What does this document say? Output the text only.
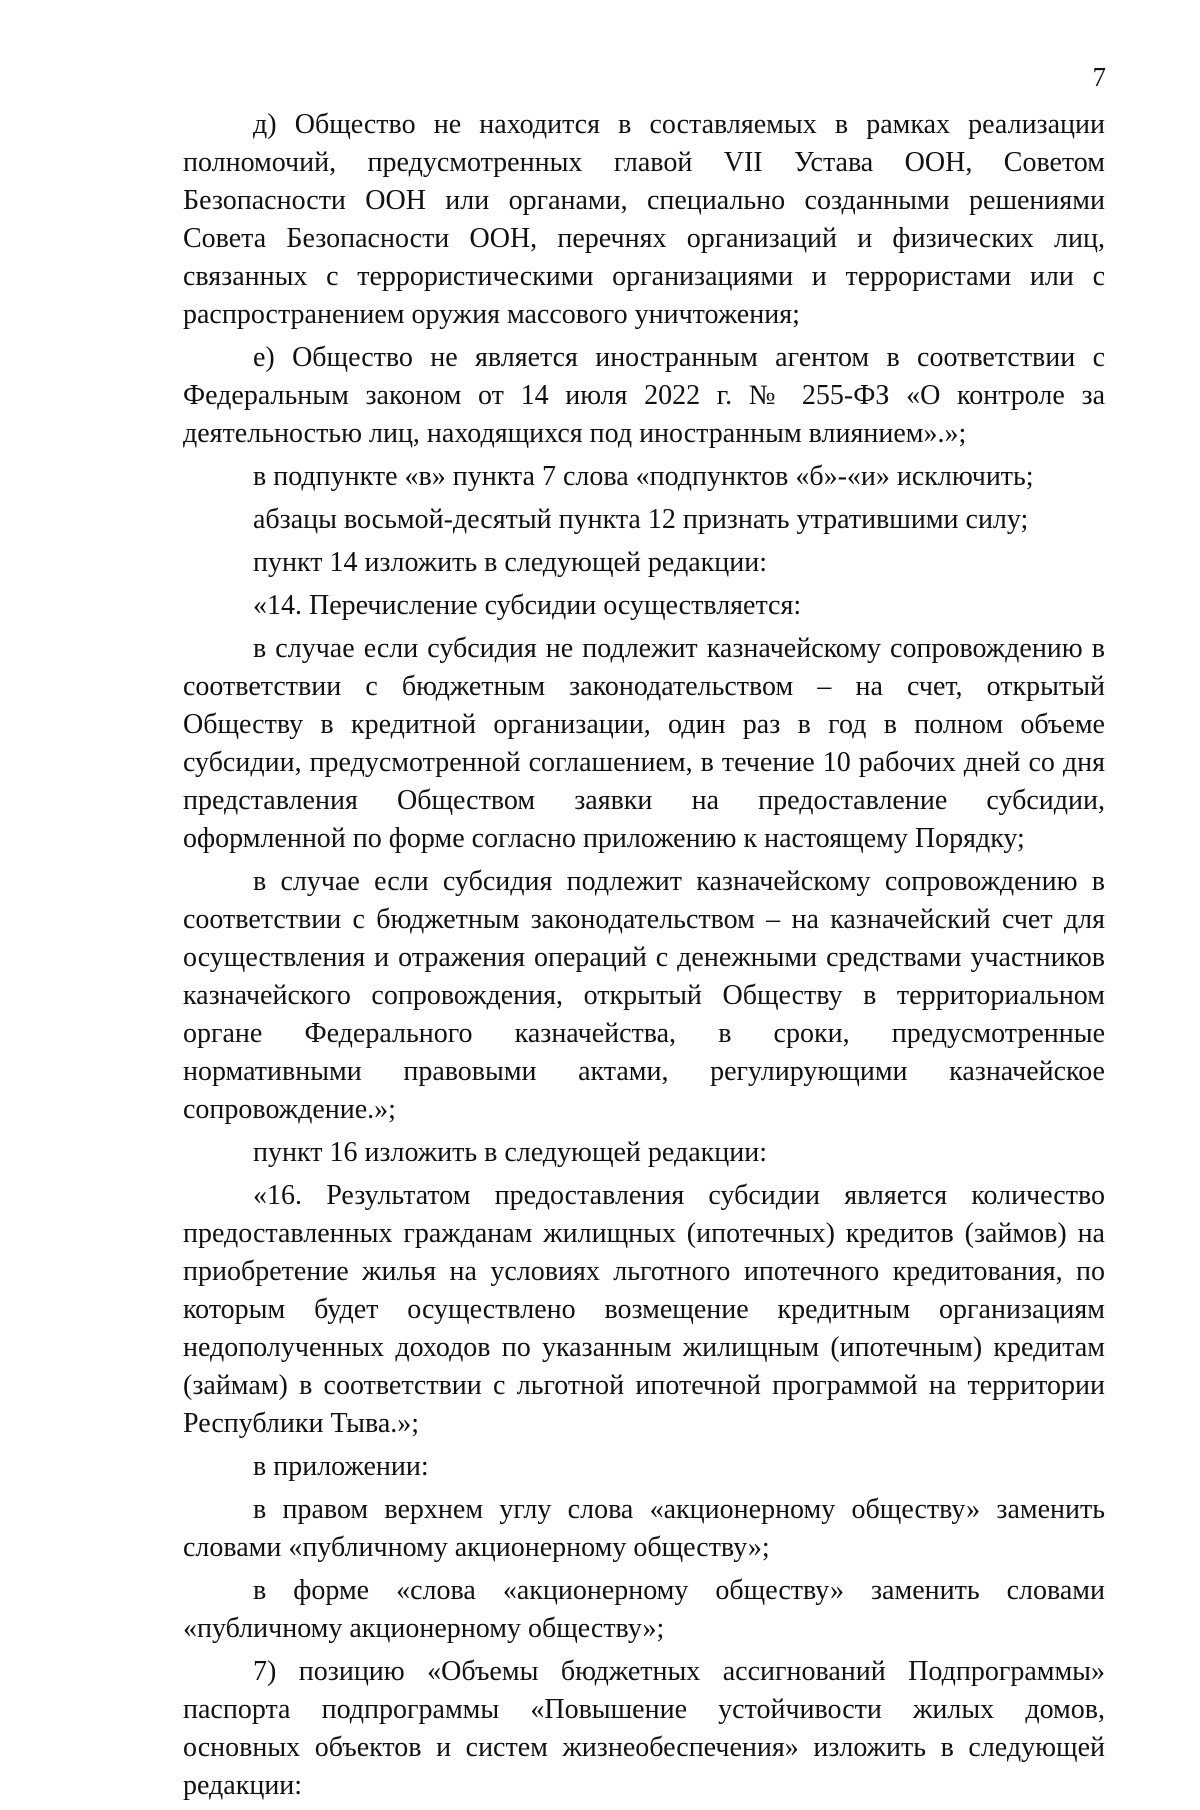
7

д) Общество не находится в составляемых в рамках реализации полномочий, предусмотренных главой VII Устава ООН, Советом Безопасности ООН или органами, специально созданными решениями Совета Безопасности ООН, перечнях организаций и физических лиц, связанных с террористическими организациями и террористами или с распространением оружия массового уничтожения;

е) Общество не является иностранным агентом в соответствии с Федеральным законом от 14 июля 2022 г. № 255-ФЗ «О контроле за деятельностью лиц, находящихся под иностранным влиянием».»;

в подпункте «в» пункта 7 слова «подпунктов «б»-«и» исключить;

абзацы восьмой-десятый пункта 12 признать утратившими силу;

пункт 14 изложить в следующей редакции:

«14. Перечисление субсидии осуществляется:

в случае если субсидия не подлежит казначейскому сопровождению в соответствии с бюджетным законодательством – на счет, открытый Обществу в кредитной организации, один раз в год в полном объеме субсидии, предусмотренной соглашением, в течение 10 рабочих дней со дня представления Обществом заявки на предоставление субсидии, оформленной по форме согласно приложению к настоящему Порядку;

в случае если субсидия подлежит казначейскому сопровождению в соответствии с бюджетным законодательством – на казначейский счет для осуществления и отражения операций с денежными средствами участников казначейского сопровождения, открытый Обществу в территориальном органе Федерального казначейства, в сроки, предусмотренные нормативными правовыми актами, регулирующими казначейское сопровождение.»;

пункт 16 изложить в следующей редакции:

«16. Результатом предоставления субсидии является количество предоставленных гражданам жилищных (ипотечных) кредитов (займов) на приобретение жилья на условиях льготного ипотечного кредитования, по которым будет осуществлено возмещение кредитным организациям недополученных доходов по указанным жилищным (ипотечным) кредитам (займам) в соответствии с льготной ипотечной программой на территории Республики Тыва.»;

в приложении:

в правом верхнем углу слова «акционерному обществу» заменить словами «публичному акционерному обществу»;

в форме «слова «акционерному обществу» заменить словами «публичному акционерному обществу»;

7) позицию «Объемы бюджетных ассигнований Подпрограммы» паспорта подпрограммы «Повышение устойчивости жилых домов, основных объектов и систем жизнеобеспечения» изложить в следующей редакции:
